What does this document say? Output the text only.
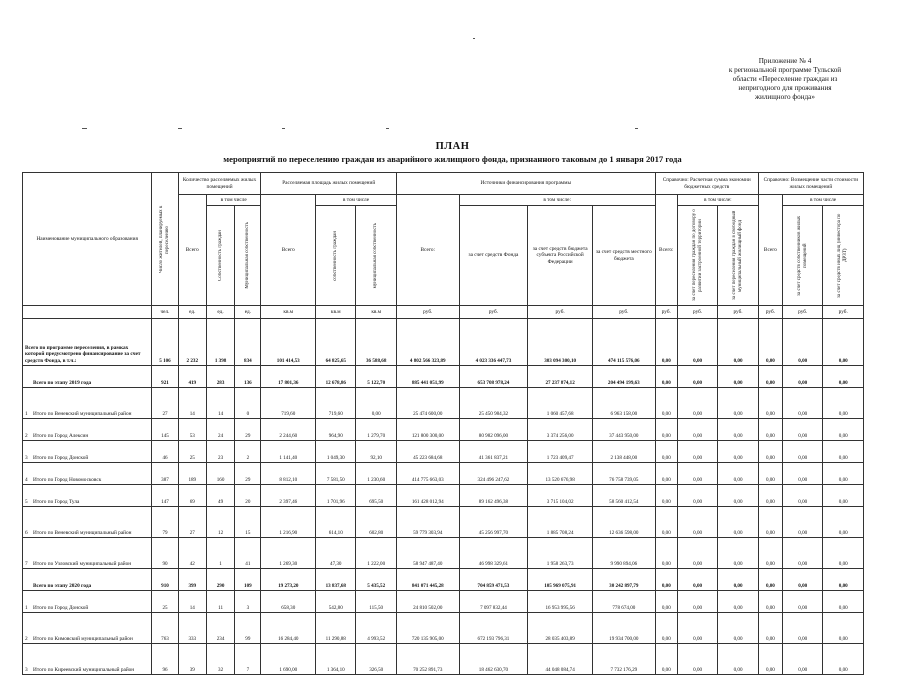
Приложение № 4
к региональной программе Тульской
области «Переселение граждан из
непригодного для проживания
жилищного фонда»
ПЛАН
мероприятий по переселению граждан из аварийного жилищного фонда, признанного таковым до 1 января 2017 года
Наименование муниципального образования	Число жителей, планируемых к переселению	Количество расселяемых жилых помещений			Расселяемая площадь жилых помещений			Источники финансирования программы				Справочно: Расчетная сумма экономии бюджетных средств			Справочно: Возмещение части стоимости жилых помещений		
		Всего	в том числе		Всего	в том числе		Всего:	в том числе:			Всего:	в том числе:		Всего	в том числе	

			Собственность граждан	Муниципальная собственность		собственность граждан	муниципальная собственность		за счет средств Фонда	за счет средств бюджета субъекта Российской Федерации	за счет средств местного бюджета		за счет переселения граждан по договору о развитии застроенной территории	за счет переселения граждан в свободный муниципальный жилищный фонд		за счет средств собственников жилых помещений	за счет средств иных лиц (инвестора по ДРЗТ)

	чел.	ед.	ед.	ед.	кв.м	кв.м	кв.м	руб.	руб.	руб.	руб.	руб.	руб.	руб.	руб.	руб.	руб.
Всего по программе переселения, в рамках которой предусмотрено финансирование за счет средств Фонда, в т.ч.:	5 106	2 232	1 398	834	101 414,53	64 825,65	36 588,68	4 802 566 323,89	4 023 336 447,73	303 094 300,10	474 115 576,06	0,00	0,00	0,00	0,00	0,00	0,00
Всего по этапу 2019 года	921	419	283	136	17 801,36	12 678,86	5 122,70	885 441 051,99	653 708 978,24	27 237 874,12	204 494 199,63	0,00	0,00	0,00	0,00	0,00	0,00
1 Итого по Веневский муниципальный район	27	14	14	0	719,60	719,60	0,00	25 474 600,00	25 450 984,32	1 060 457,68	6 963 158,00	0,00	0,00	0,00	0,00	0,00	0,00
2 Итого по Город Алексин	145	53	24	29	2 244,60	964,90	1 279,70	121 800 300,00	80 982 096,00	3 374 256,00	37 443 950,00	0,00	0,00	0,00	0,00	0,00	0,00
3 Итого по Город Донской	46	25	23	2	1 141,40	1 049,30	92,10	45 223 684,68	41 361 837,21	1 723 409,47	2 138 448,00	0,00	0,00	0,00	0,00	0,00	0,00
4 Итого по Город Новомосковск	387	189	160	29	8 812,10	7 581,50	1 230,60	414 775 663,03	324 496 247,62	13 520 676,98	76 758 739,05	0,00	0,00	0,00	0,00	0,00	0,00
5 Итого по Город Тула	147	69	49	20	2 397,46	1 701,96	695,50	161 428 012,94	89 162 496,38	3 715 104,02	58 560 412,54	0,00	0,00	0,00	0,00	0,00	0,00
6 Итого по Веневский муниципальный район	79	27	12	15	1 216,90	614,10	602,80	59 779 303,94	45 256 997,70	1 885 708,24	12 636 598,00	0,00	0,00	0,00	0,00	0,00	0,00
7 Итого по Узловский муниципальный район	90	42	1	41	1 269,30	47,30	1 222,00	58 947 487,40	46 998 329,61	1 958 263,73	9 990 894,06	0,00	0,00	0,00	0,00	0,00	0,00
Всего по этапу 2020 года	910	399	290	109	19 273,20	13 837,68	5 435,52	841 071 445,28	704 859 471,53	105 969 075,91	30 242 897,79	0,00	0,00	0,00	0,00	0,00	0,00
1 Итого по Город Донской	25	14	11	3	658,30	542,80	115,50	24 810 502,00	7 097 832,44	16 953 995,56	778 674,00	0,00	0,00	0,00	0,00	0,00	0,00
2 Итого по Кимовский муниципальный район	763	333	234	99	16 284,40	11 290,88	4 993,52	720 135 905,00	672 193 796,31	28 035 403,89	19 934 700,00	0,00	0,00	0,00	0,00	0,00	0,00
3 Итого по Киреевский муниципальный район	96	39	32	7	1 690,00	1 364,10	326,50	70 252 891,73	18 462 630,70	44 048 084,74	7 732 176,29	0,00	0,00	0,00	0,00	0,00	0,00
